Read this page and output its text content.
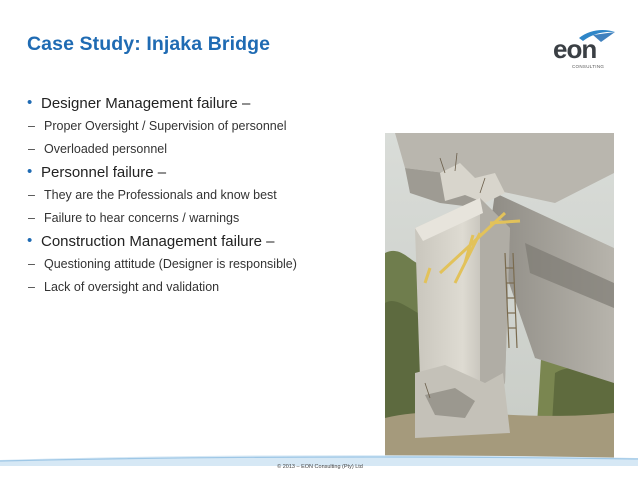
Case Study: Injaka Bridge	eon
CONSULTING
• Designer Management failure –
– Proper Oversight / Supervision of personnel
– Overloaded personnel
• Personnel failure –
– They are the Professionals and know best
– Failure to hear concerns / warnings
• Construction Management failure –
– Questioning attitude (Designer is responsible)
– Lack of oversight and validation
© 2013 – EON Consulting (Pty) Ltd
